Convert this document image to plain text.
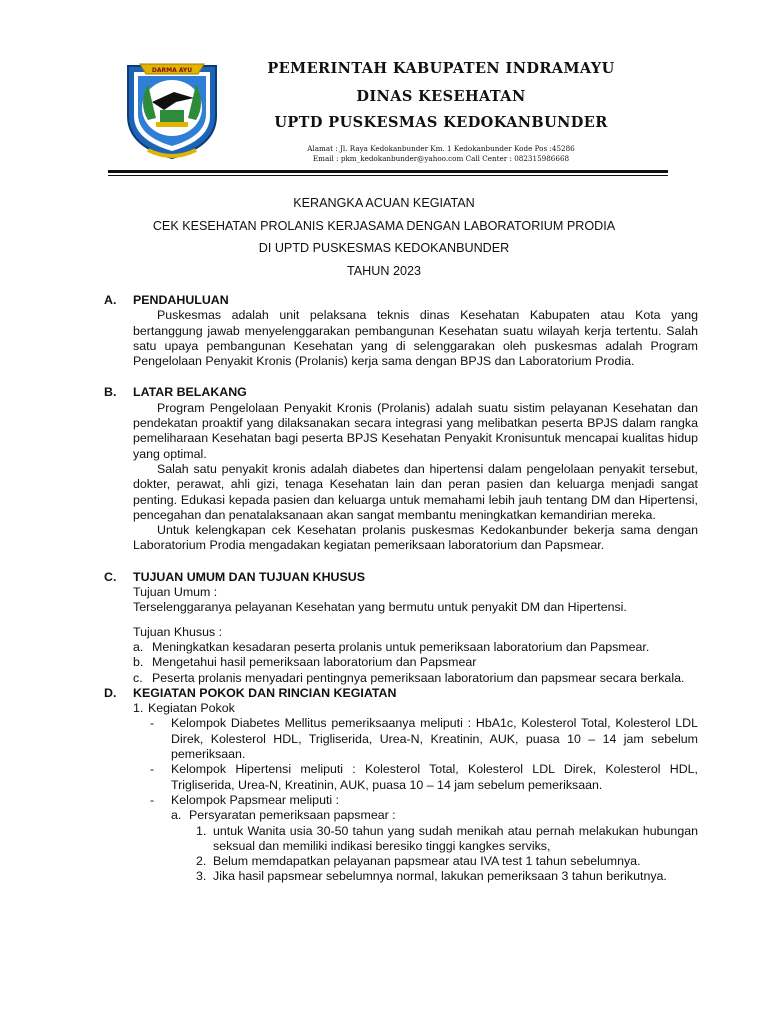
DARMA AYU	PEMERINTAH KABUPATEN INDRAMAYU
DINAS KESEHATAN
UPTD PUSKESMAS KEDOKANBUNDER
Alamat : Jl. Raya Kedokanbunder Km. 1 Kedokanbunder Kode Pos :45286
Email : pkm_kedokanbunder@yahoo.com Call Center : 082315986668
KERANGKA ACUAN KEGIATAN
CEK KESEHATAN PROLANIS KERJASAMA DENGAN LABORATORIUM PRODIA
DI UPTD PUSKESMAS KEDOKANBUNDER
TAHUN 2023
A.	PENDAHULUAN
Puskesmas adalah unit pelaksana teknis dinas Kesehatan Kabupaten atau Kota yang bertanggung jawab menyelenggarakan pembangunan Kesehatan suatu wilayah kerja tertentu. Salah satu upaya pembangunan Kesehatan yang di selenggarakan oleh puskesmas adalah Program Pengelolaan Penyakit Kronis (Prolanis) kerja sama dengan BPJS dan Laboratorium Prodia.
B.	LATAR BELAKANG
Program Pengelolaan Penyakit Kronis (Prolanis) adalah suatu sistim pelayanan Kesehatan dan pendekatan proaktif yang dilaksanakan secara integrasi yang melibatkan peserta BPJS dalam rangka pemeliharaan Kesehatan bagi peserta BPJS Kesehatan Penyakit Kronisuntuk mencapai kualitas hidup yang optimal.
Salah satu penyakit kronis adalah diabetes dan hipertensi dalam pengelolaan penyakit tersebut, dokter, perawat, ahli gizi, tenaga Kesehatan lain dan peran pasien dan keluarga menjadi sangat penting. Edukasi kepada pasien dan keluarga untuk memahami lebih jauh tentang DM dan Hipertensi, pencegahan dan penatalaksanaan akan sangat membantu meningkatkan kemandirian mereka.
Untuk kelengkapan cek Kesehatan prolanis puskesmas Kedokanbunder bekerja sama dengan Laboratorium Prodia mengadakan kegiatan pemeriksaan laboratorium dan Papsmear.
C.	TUJUAN UMUM DAN TUJUAN KHUSUS
Tujuan Umum :
Terselenggaranya pelayanan Kesehatan yang bermutu untuk penyakit DM dan Hipertensi.
Tujuan Khusus :
a. Meningkatkan kesadaran peserta prolanis untuk pemeriksaan laboratorium dan Papsmear.
b. Mengetahui hasil pemeriksaan laboratorium dan Papsmear
c. Peserta prolanis menyadari pentingnya pemeriksaan laboratorium dan papsmear secara berkala.
D.	KEGIATAN POKOK DAN RINCIAN KEGIATAN
1. Kegiatan Pokok
-	Kelompok Diabetes Mellitus pemeriksaanya meliputi : HbA1c, Kolesterol Total, Kolesterol LDL Direk, Kolesterol HDL, Trigliserida, Urea-N, Kreatinin, AUK, puasa 10 – 14 jam sebelum pemeriksaan.
-	Kelompok Hipertensi meliputi : Kolesterol Total, Kolesterol LDL Direk, Kolesterol HDL, Trigliserida, Urea-N, Kreatinin, AUK, puasa 10 – 14 jam sebelum pemeriksaan.
-	Kelompok Papsmear meliputi :
a. Persyaratan pemeriksaan papsmear :
1. untuk Wanita usia 30-50 tahun yang sudah menikah atau pernah melakukan hubungan seksual dan memiliki indikasi beresiko tinggi kangkes serviks,
2. Belum memdapatkan pelayanan papsmear atau IVA test 1 tahun sebelumnya.
3. Jika hasil papsmear sebelumnya normal, lakukan pemeriksaan 3 tahun berikutnya.
